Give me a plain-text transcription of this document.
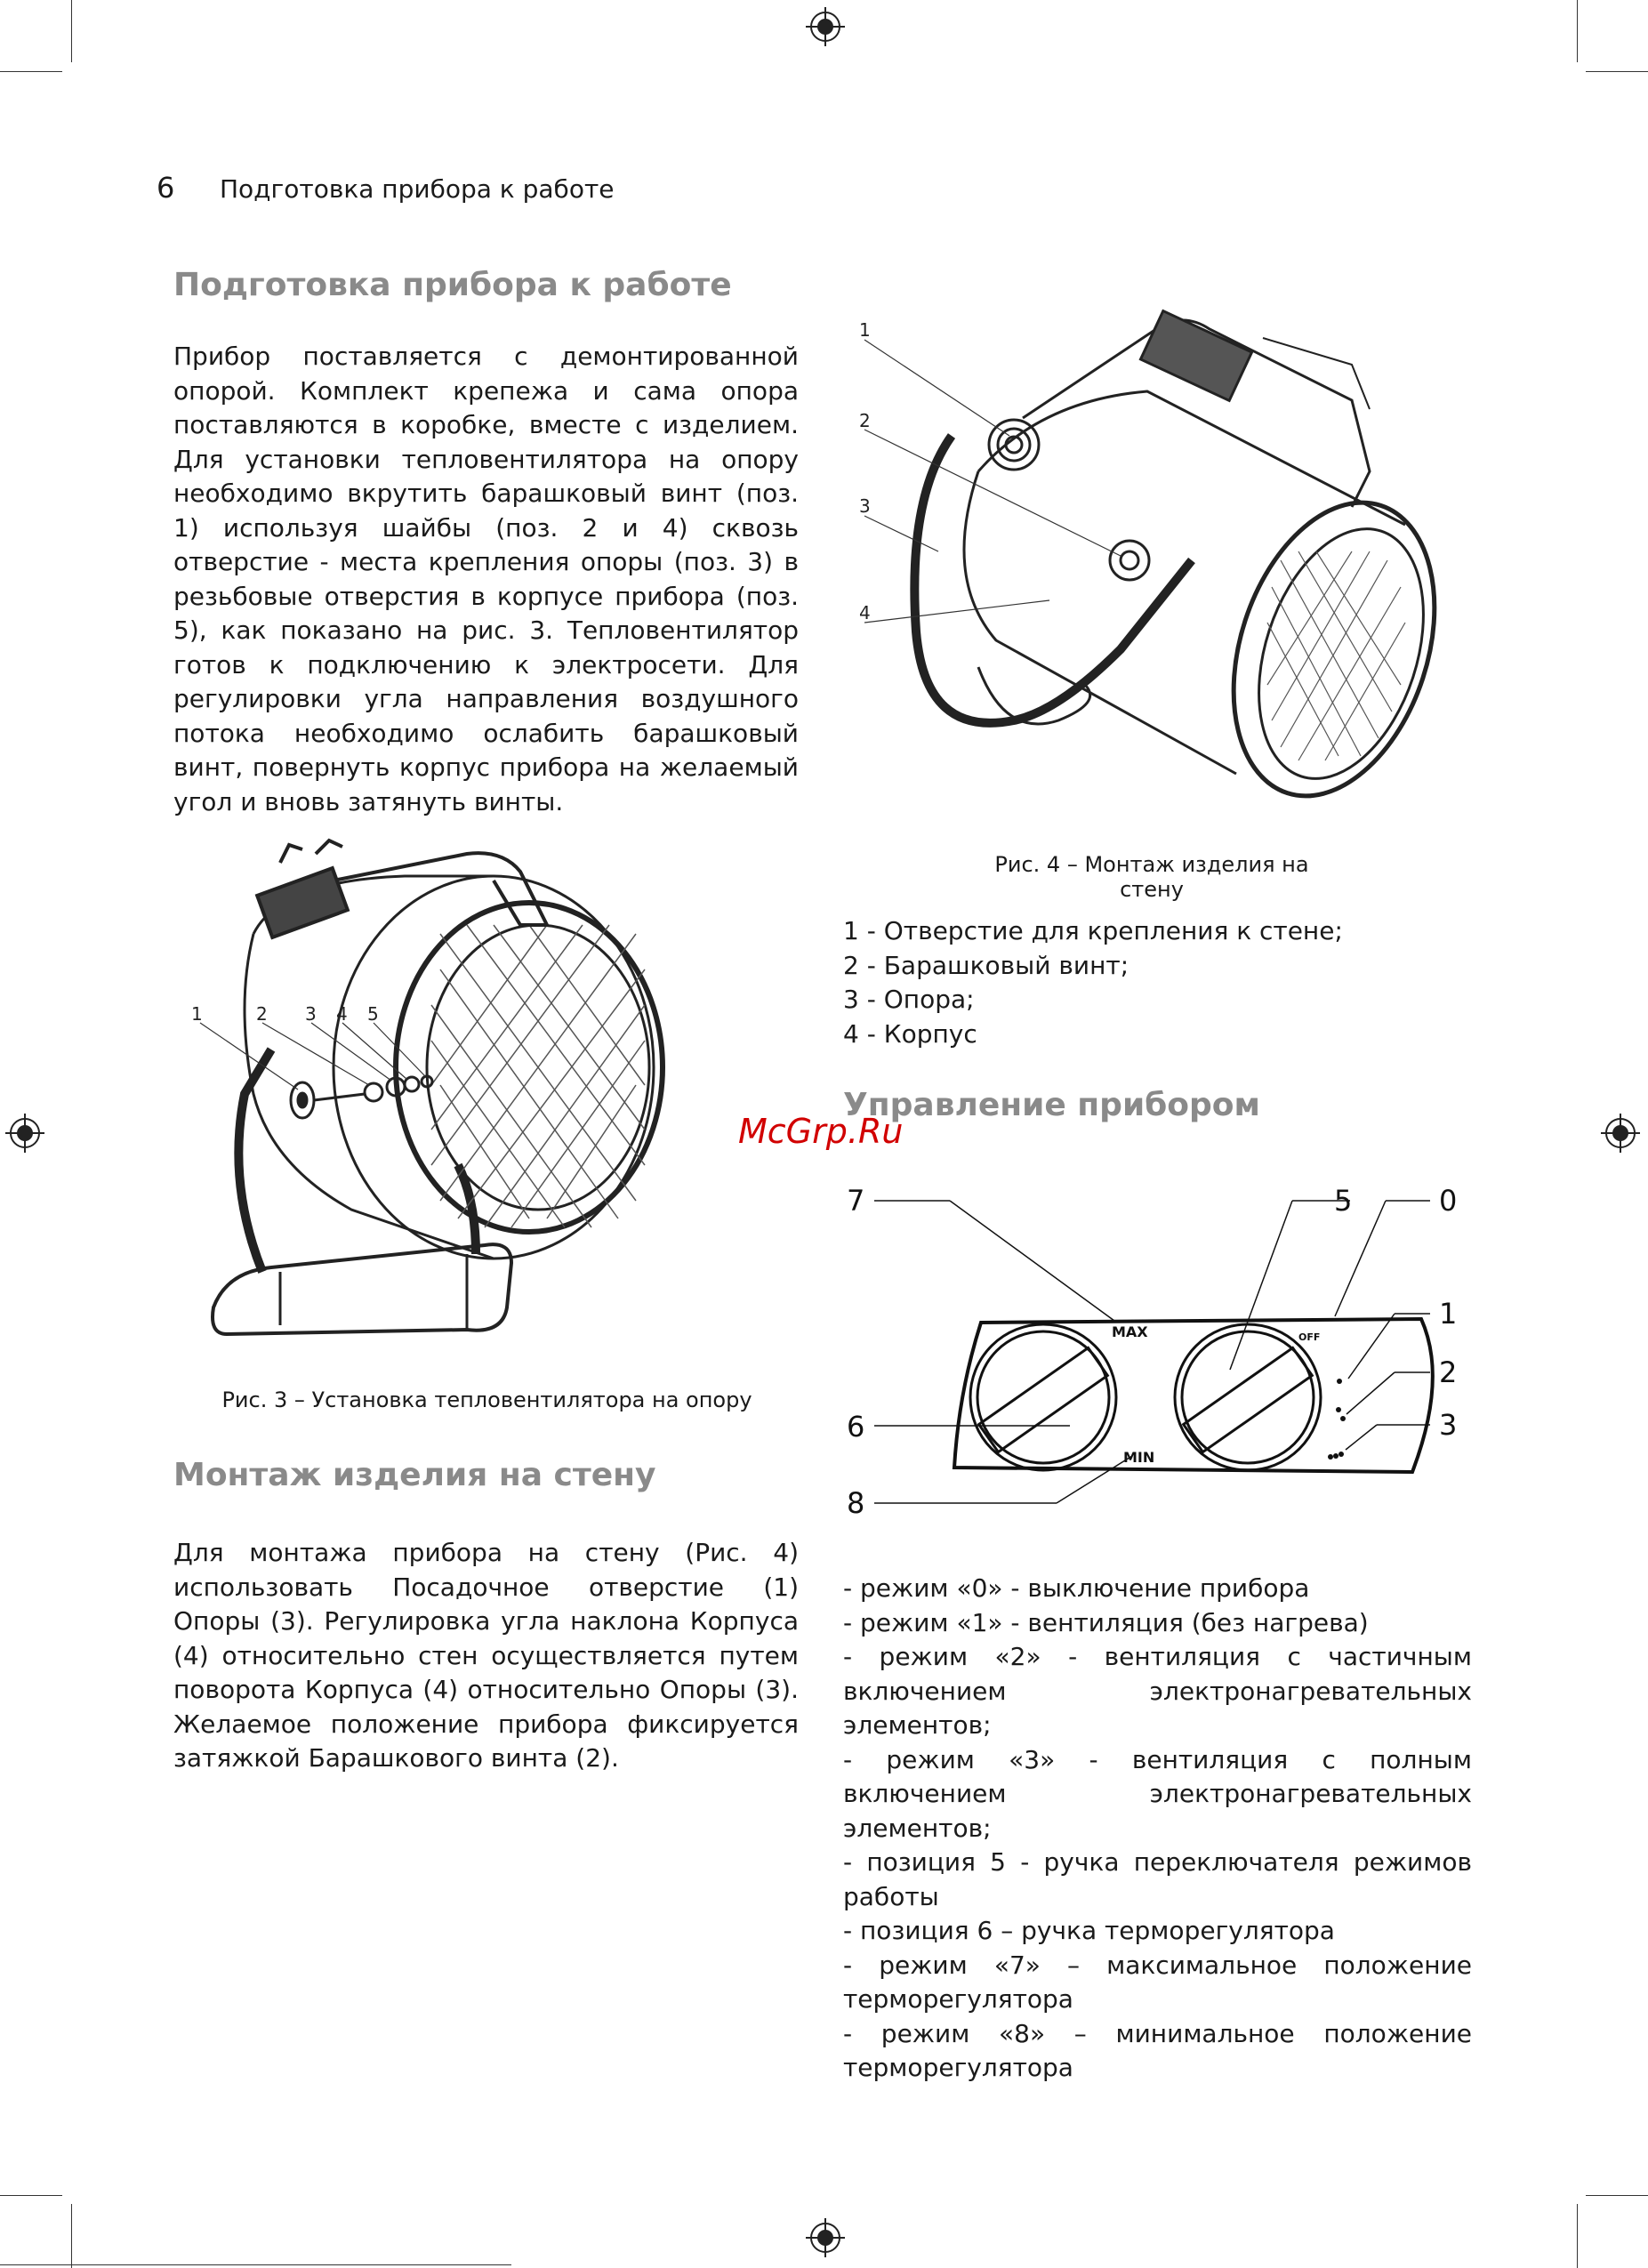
6 Подготовка прибора к работе
Подготовка прибора к работе
Прибор поставляется с демонтированной опорой. Комплект крепежа и сама опора поставляются в коробке, вместе с изделием. Для установки тепловентилятора на опору необходимо вкрутить барашковый винт (поз. 1) используя шайбы (поз. 2 и 4) сквозь отверстие - места крепления опоры (поз. 3) в резьбовые отверстия в корпусе прибора (поз. 5), как показано на рис. 3. Тепловентилятор готов к подключению к электросети. Для регулировки угла направления воздушного потока необходимо ослабить барашковый винт, повернуть корпус прибора на желаемый угол и вновь затянуть винты.
1	2 3 4 5
Рис. 3 – Установка тепловентилятора на опору
Монтаж изделия на стену
Для монтажа прибора на стену (Рис. 4) использовать Посадочное отверстие (1) Опоры (3). Регулировка угла наклона Корпуса (4) относительно стен осуществляется путем поворота Корпуса (4) относительно Опоры (3). Желаемое положение прибора фиксируется затяжкой Барашкового винта (2).
1
2
3
4
Рис. 4 – Монтаж изделия на стену
1 - Отверстие для крепления к стене;
2 - Барашковый винт;
3 - Опора;
4 - Корпус
Управление прибором
7	5	0
1
2
3
6
8
MAX
MIN
OFF
- режим «0» - выключение прибора
- режим «1» - вентиляция (без нагрева)
- режим «2» - вентиляция с частичным включением электронагревательных элементов;
- режим «3» - вентиляция с полным включением электронагревательных элементов;
- позиция 5 - ручка переключателя режимов работы
- позиция 6 – ручка терморегулятора
- режим «7» – максимальное положение терморегулятора
- режим «8» – минимальное положение терморегулятора
McGrp.Ru
